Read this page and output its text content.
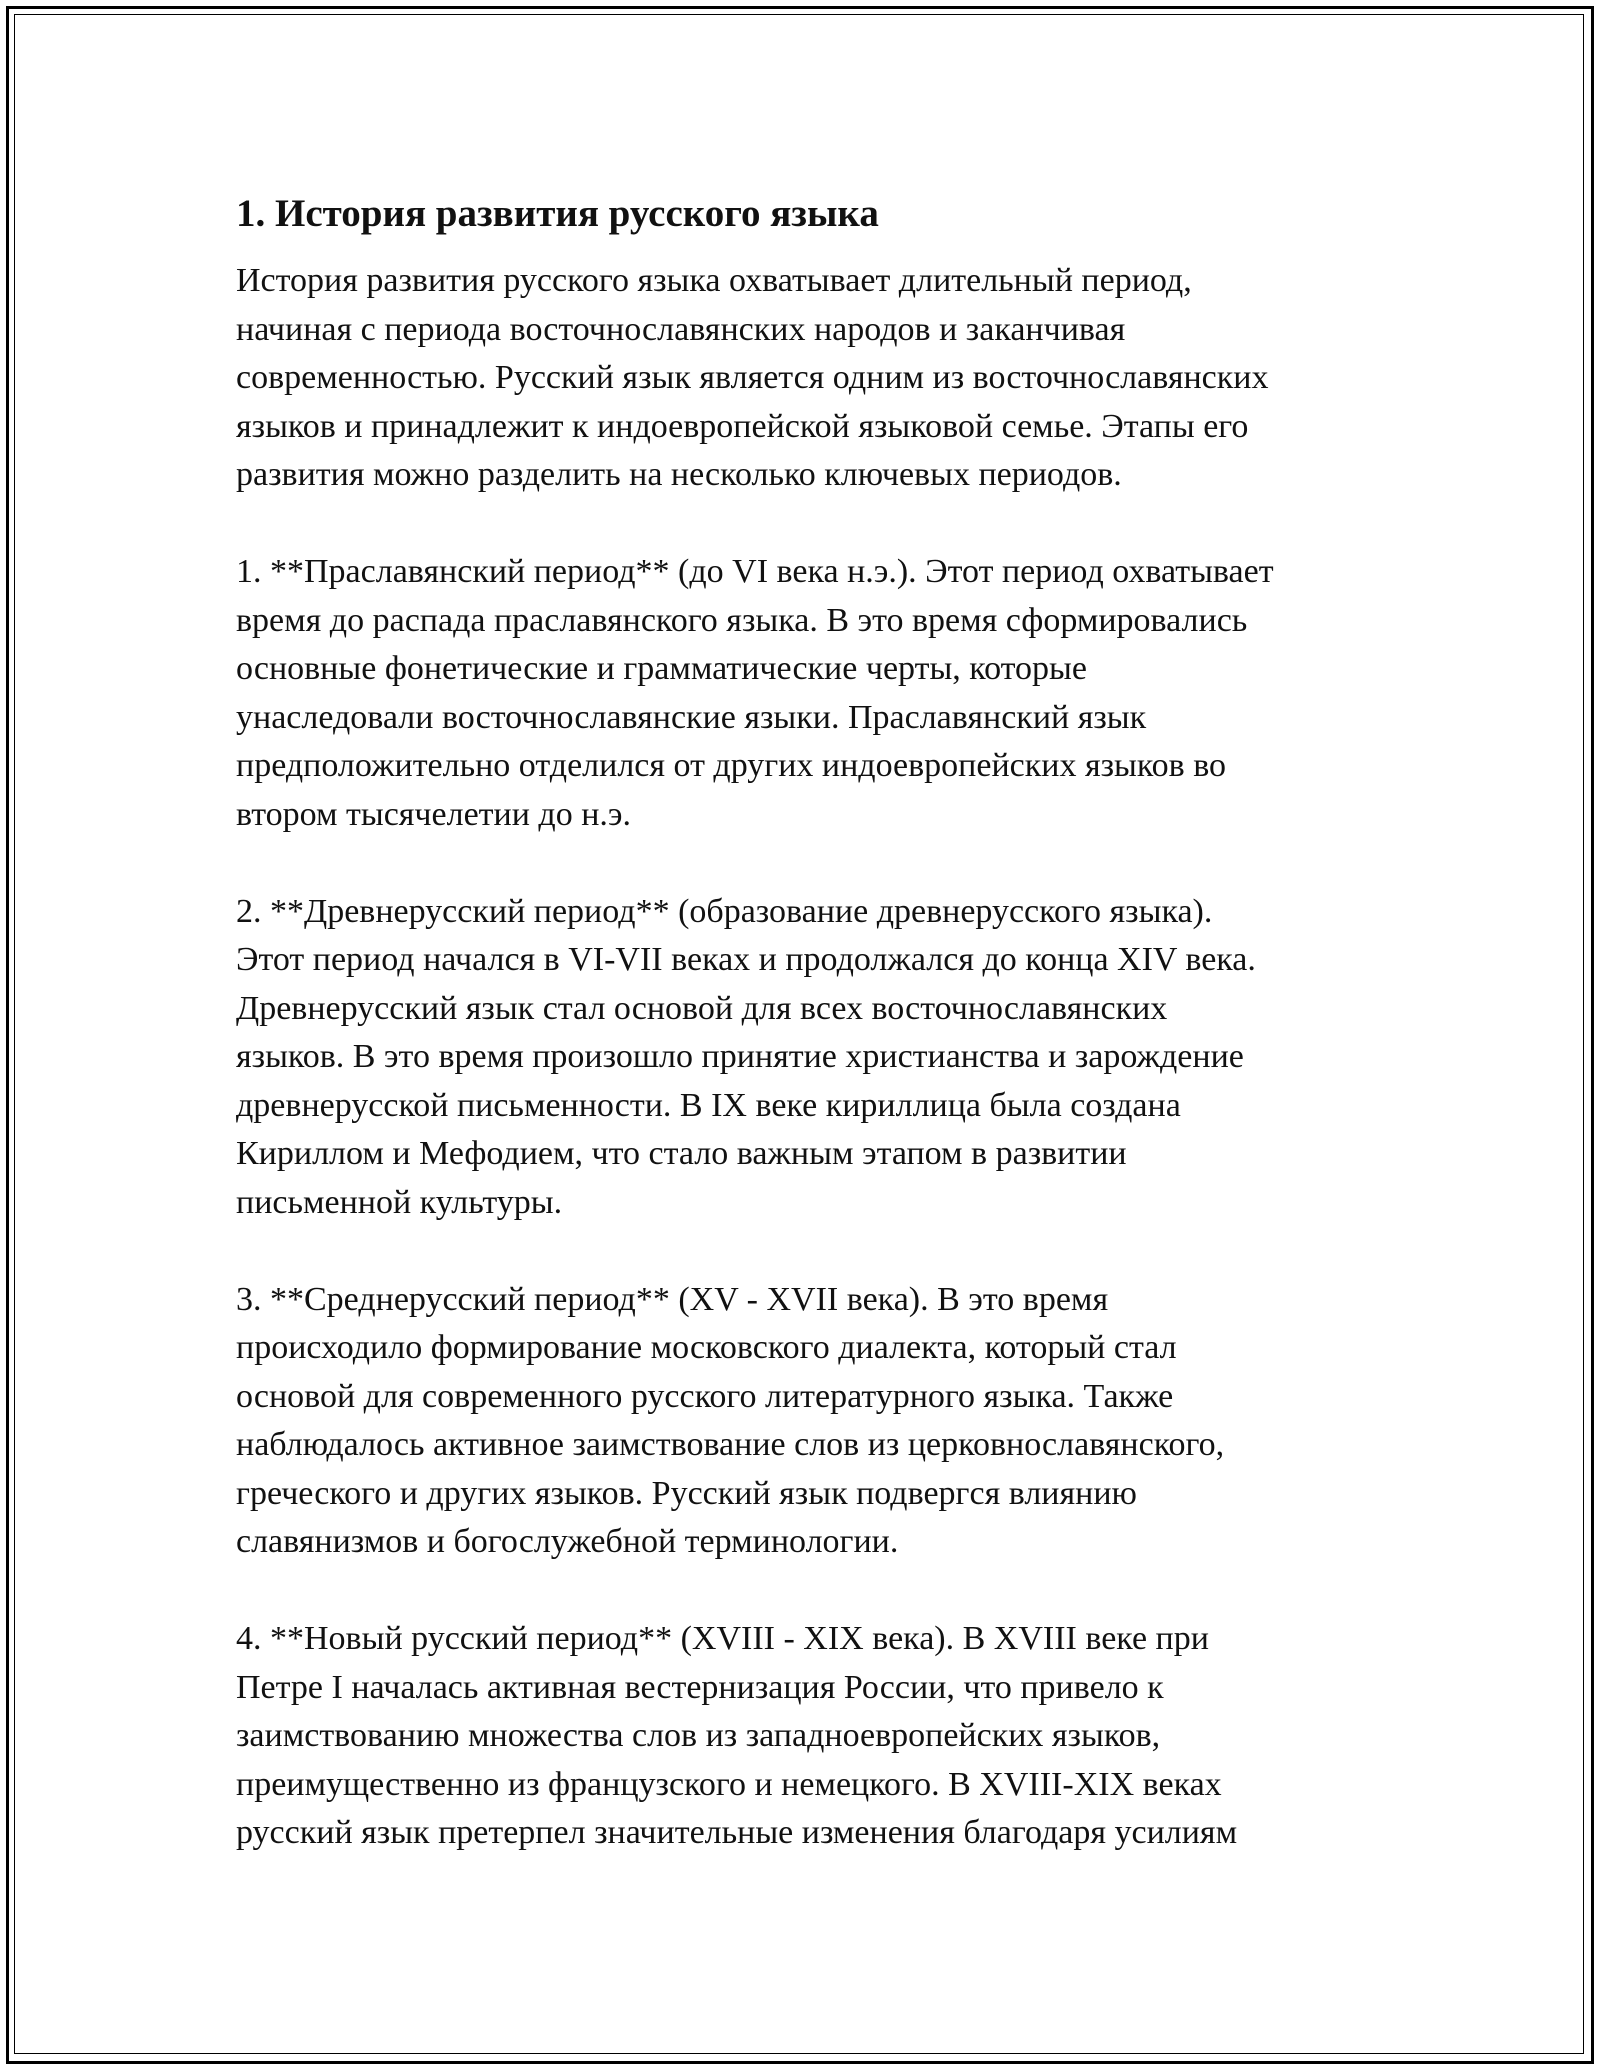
1. История развития русского языка
История развития русского языка охватывает длительный период,
начиная с периода восточнославянских народов и заканчивая
современностью. Русский язык является одним из восточнославянских
языков и принадлежит к индоевропейской языковой семье. Этапы его
развития можно разделить на несколько ключевых периодов.
1. **Праславянский период** (до VI века н.э.). Этот период охватывает
время до распада праславянского языка. В это время сформировались
основные фонетические и грамматические черты, которые
унаследовали восточнославянские языки. Праславянский язык
предположительно отделился от других индоевропейских языков во
втором тысячелетии до н.э.
2. **Древнерусский период** (образование древнерусского языка).
Этот период начался в VI-VII веках и продолжался до конца XIV века.
Древнерусский язык стал основой для всех восточнославянских
языков. В это время произошло принятие христианства и зарождение
древнерусской письменности. В IX веке кириллица была создана
Кириллом и Мефодием, что стало важным этапом в развитии
письменной культуры.
3. **Среднерусский период** (XV - XVII века). В это время
происходило формирование московского диалекта, который стал
основой для современного русского литературного языка. Также
наблюдалось активное заимствование слов из церковнославянского,
греческого и других языков. Русский язык подвергся влиянию
славянизмов и богослужебной терминологии.
4. **Новый русский период** (XVIII - XIX века). В XVIII веке при
Петре I началась активная вестернизация России, что привело к
заимствованию множества слов из западноевропейских языков,
преимущественно из французского и немецкого. В XVIII-XIX веках
русский язык претерпел значительные изменения благодаря усилиям
